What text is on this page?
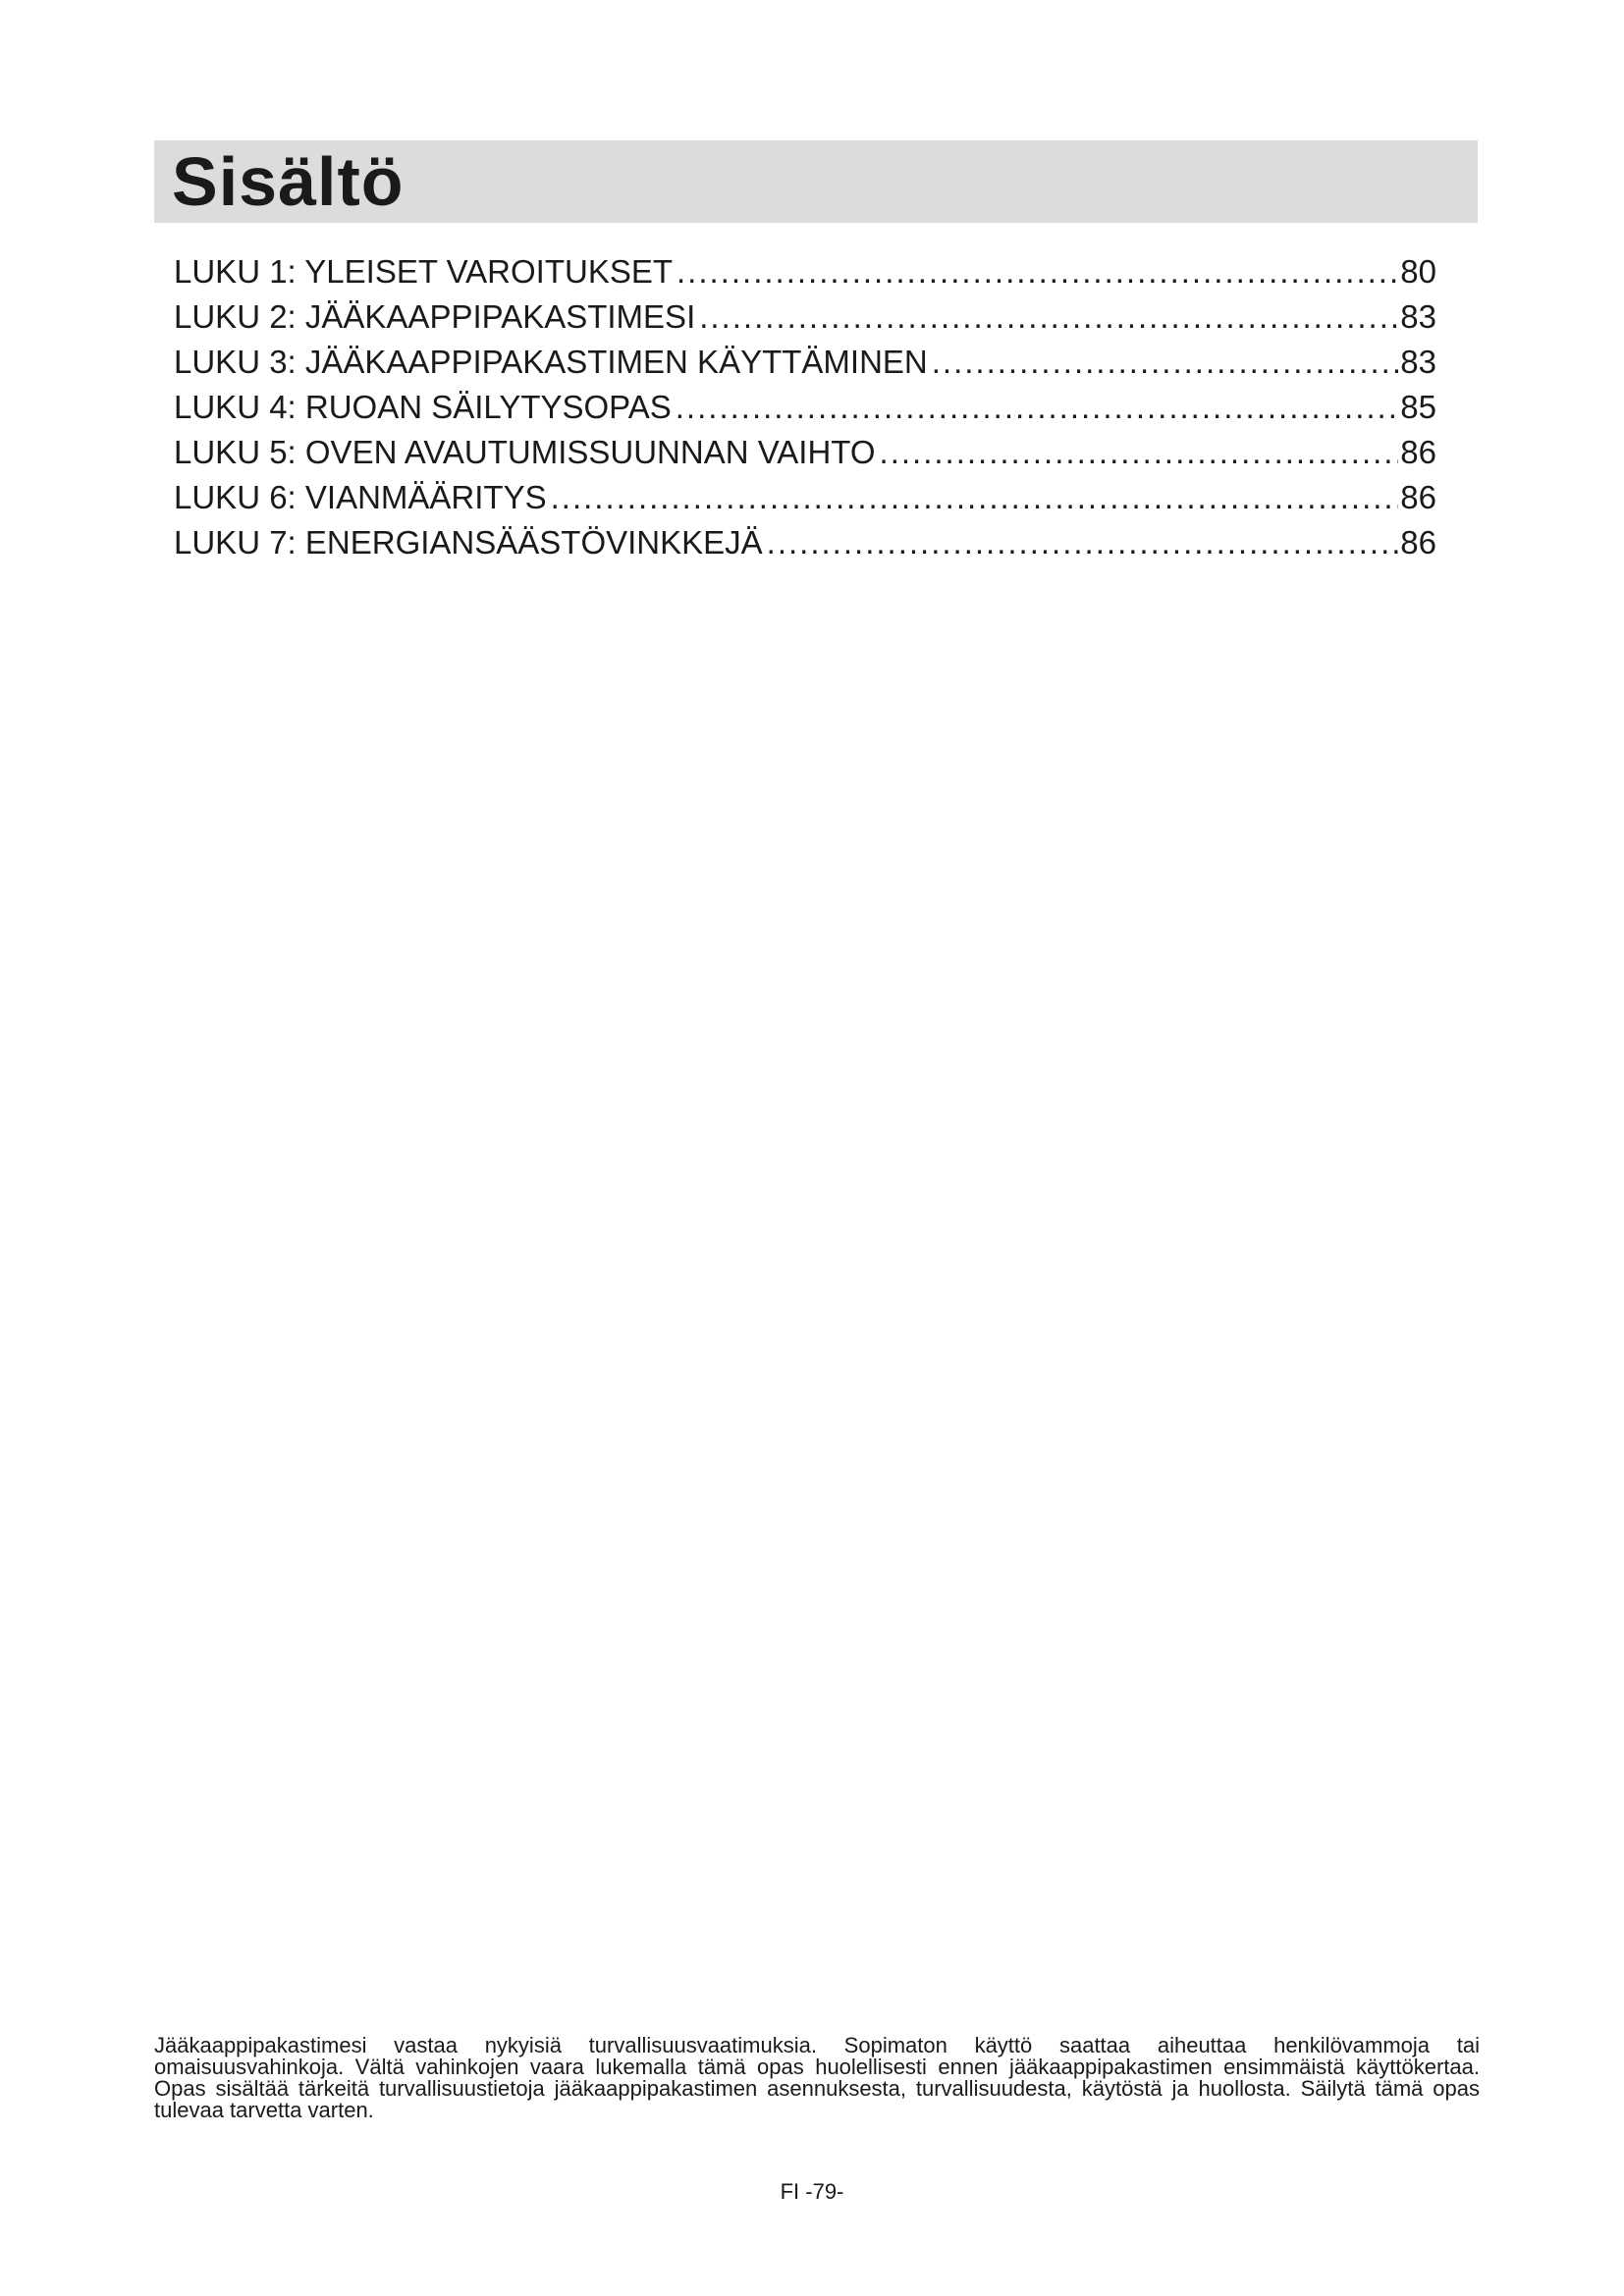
Sisältö
LUKU 1: YLEISET VAROITUKSET .....	80
LUKU 2: JÄÄKAAPPIPAKASTIMESI .....	83
LUKU 3: JÄÄKAAPPIPAKASTIMEN KÄYTTÄMINEN .....	83
LUKU 4: RUOAN SÄILYTYSOPAS .....	85
LUKU 5: OVEN AVAUTUMISSUUNNAN VAIHTO .....	86
LUKU 6: VIANMÄÄRITYS .....	86
LUKU 7: ENERGIANSÄÄSTÖVINKKEJÄ .....	86

Jääkaappipakastimesi vastaa nykyisiä turvallisuusvaatimuksia. Sopimaton käyttö saattaa aiheuttaa henkilövammoja tai omaisuusvahinkoja. Vältä vahinkojen vaara lukemalla tämä opas huolellisesti ennen jääkaappipakastimen ensimmäistä käyttökertaa. Opas sisältää tärkeitä turvallisuustietoja jääkaappipakastimen asennuksesta, turvallisuudesta, käytöstä ja huollosta. Säilytä tämä opas tulevaa tarvetta varten.

FI -79-
